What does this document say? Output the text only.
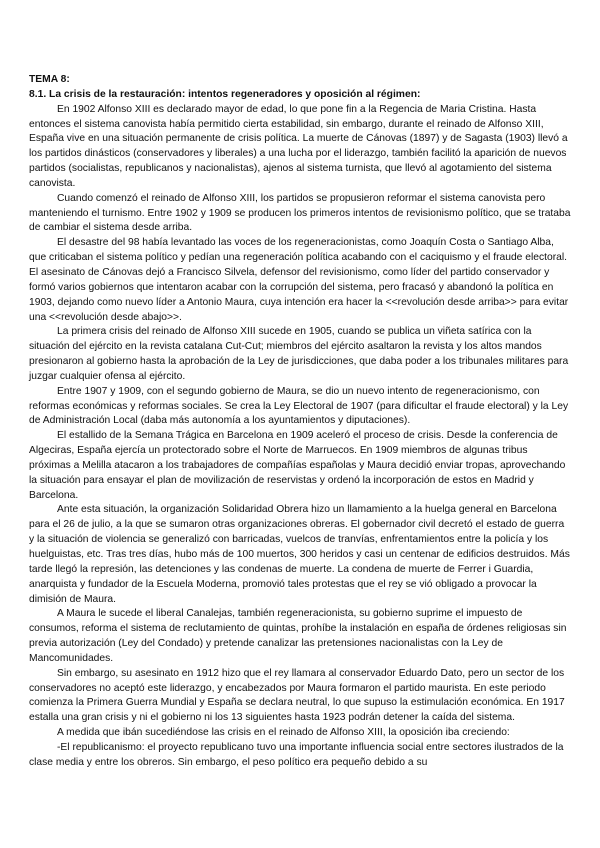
TEMA 8:

8.1. La crisis de la restauración: intentos regeneradores y oposición al régimen:

En 1902 Alfonso XIII es declarado mayor de edad, lo que pone fin a la Regencia de Maria Cristina. Hasta entonces el sistema canovista había permitido cierta estabilidad, sin embargo, durante el reinado de Alfonso XIII, España vive en una situación permanente de crisis política. La muerte de Cánovas (1897) y de Sagasta (1903) llevó a los partidos dinásticos (conservadores y liberales) a una lucha por el liderazgo, también facilitó la aparición de nuevos partidos (socialistas, republicanos y nacionalistas), ajenos al sistema turnista, que llevó al agotamiento del sistema canovista.

Cuando comenzó el reinado de Alfonso XIII, los partidos se propusieron reformar el sistema canovista pero manteniendo el turnismo. Entre 1902 y 1909 se producen los primeros intentos de revisionismo político, que se trataba de cambiar el sistema desde arriba.

El desastre del 98 había levantado las voces de los regeneracionistas, como Joaquín Costa o Santiago Alba, que criticaban el sistema político y pedían una regeneración política acabando con el caciquismo y el fraude electoral. El asesinato de Cánovas dejó a Francisco Silvela, defensor del revisionismo, como líder del partido conservador y formó varios gobiernos que intentaron acabar con la corrupción del sistema, pero fracasó y abandonó la política en 1903, dejando como nuevo líder a Antonio Maura, cuya intención era hacer la <<revolución desde arriba>> para evitar una <<revolución desde abajo>>.

La primera crisis del reinado de Alfonso XIII sucede en 1905, cuando se publica un viñeta satírica con la situación del ejército en la revista catalana Cut-Cut; miembros del ejército asaltaron la revista y los altos mandos presionaron al gobierno hasta la aprobación de la Ley de jurisdicciones, que daba poder a los tribunales militares para juzgar cualquier ofensa al ejército.

Entre 1907 y 1909, con el segundo gobierno de Maura, se dio un nuevo intento de regeneracionismo, con reformas económicas y reformas sociales. Se crea la Ley Electoral de 1907 (para dificultar el fraude electoral) y la Ley de Administración Local (daba más autonomía a los ayuntamientos y diputaciones).

El estallido de la Semana Trágica en Barcelona en 1909 aceleró el proceso de crisis. Desde la conferencia de Algeciras, España ejercía un protectorado sobre el Norte de Marruecos. En 1909 miembros de algunas tribus próximas a Melilla atacaron a los trabajadores de compañías españolas y Maura decidió enviar tropas, aprovechando la situación para ensayar el plan de movilización de reservistas y ordenó la incorporación de estos en Madrid y Barcelona.

Ante esta situación, la organización Solidaridad Obrera hizo un llamamiento a la huelga general en Barcelona para el 26 de julio, a la que se sumaron otras organizaciones obreras. El gobernador civil decretó el estado de guerra y la situación de violencia se generalizó con barricadas, vuelcos de tranvías, enfrentamientos entre la policía y los huelguistas, etc. Tras tres días, hubo más de 100 muertos, 300 heridos y casi un centenar de edificios destruidos. Más tarde llegó la represión, las detenciones y las condenas de muerte. La condena de muerte de Ferrer i Guardia, anarquista y fundador de la Escuela Moderna, promovió tales protestas que el rey se vió obligado a provocar la dimisión de Maura.

A Maura le sucede el liberal Canalejas, también regeneracionista, su gobierno suprime el impuesto de consumos, reforma el sistema de reclutamiento de quintas, prohíbe la instalación en españa de órdenes religiosas sin previa autorización (Ley del Condado) y pretende canalizar las pretensiones nacionalistas con la Ley de Mancomunidades.

Sin embargo, su asesinato en 1912 hizo que el rey llamara al conservador Eduardo Dato, pero un sector de los conservadores no aceptó este liderazgo, y encabezados por Maura formaron el partido maurista. En este periodo comienza la Primera Guerra Mundial y España se declara neutral, lo que supuso la estimulación económica. En 1917 estalla una gran crisis y ni el gobierno ni los 13 siguientes hasta 1923 podrán detener la caída del sistema.

A medida que ibán sucediéndose las crisis en el reinado de Alfonso XIII, la oposición iba creciendo:

-El republicanismo: el proyecto republicano tuvo una importante influencia social entre sectores ilustrados de la clase media y entre los obreros. Sin embargo, el peso político era pequeño debido a su
